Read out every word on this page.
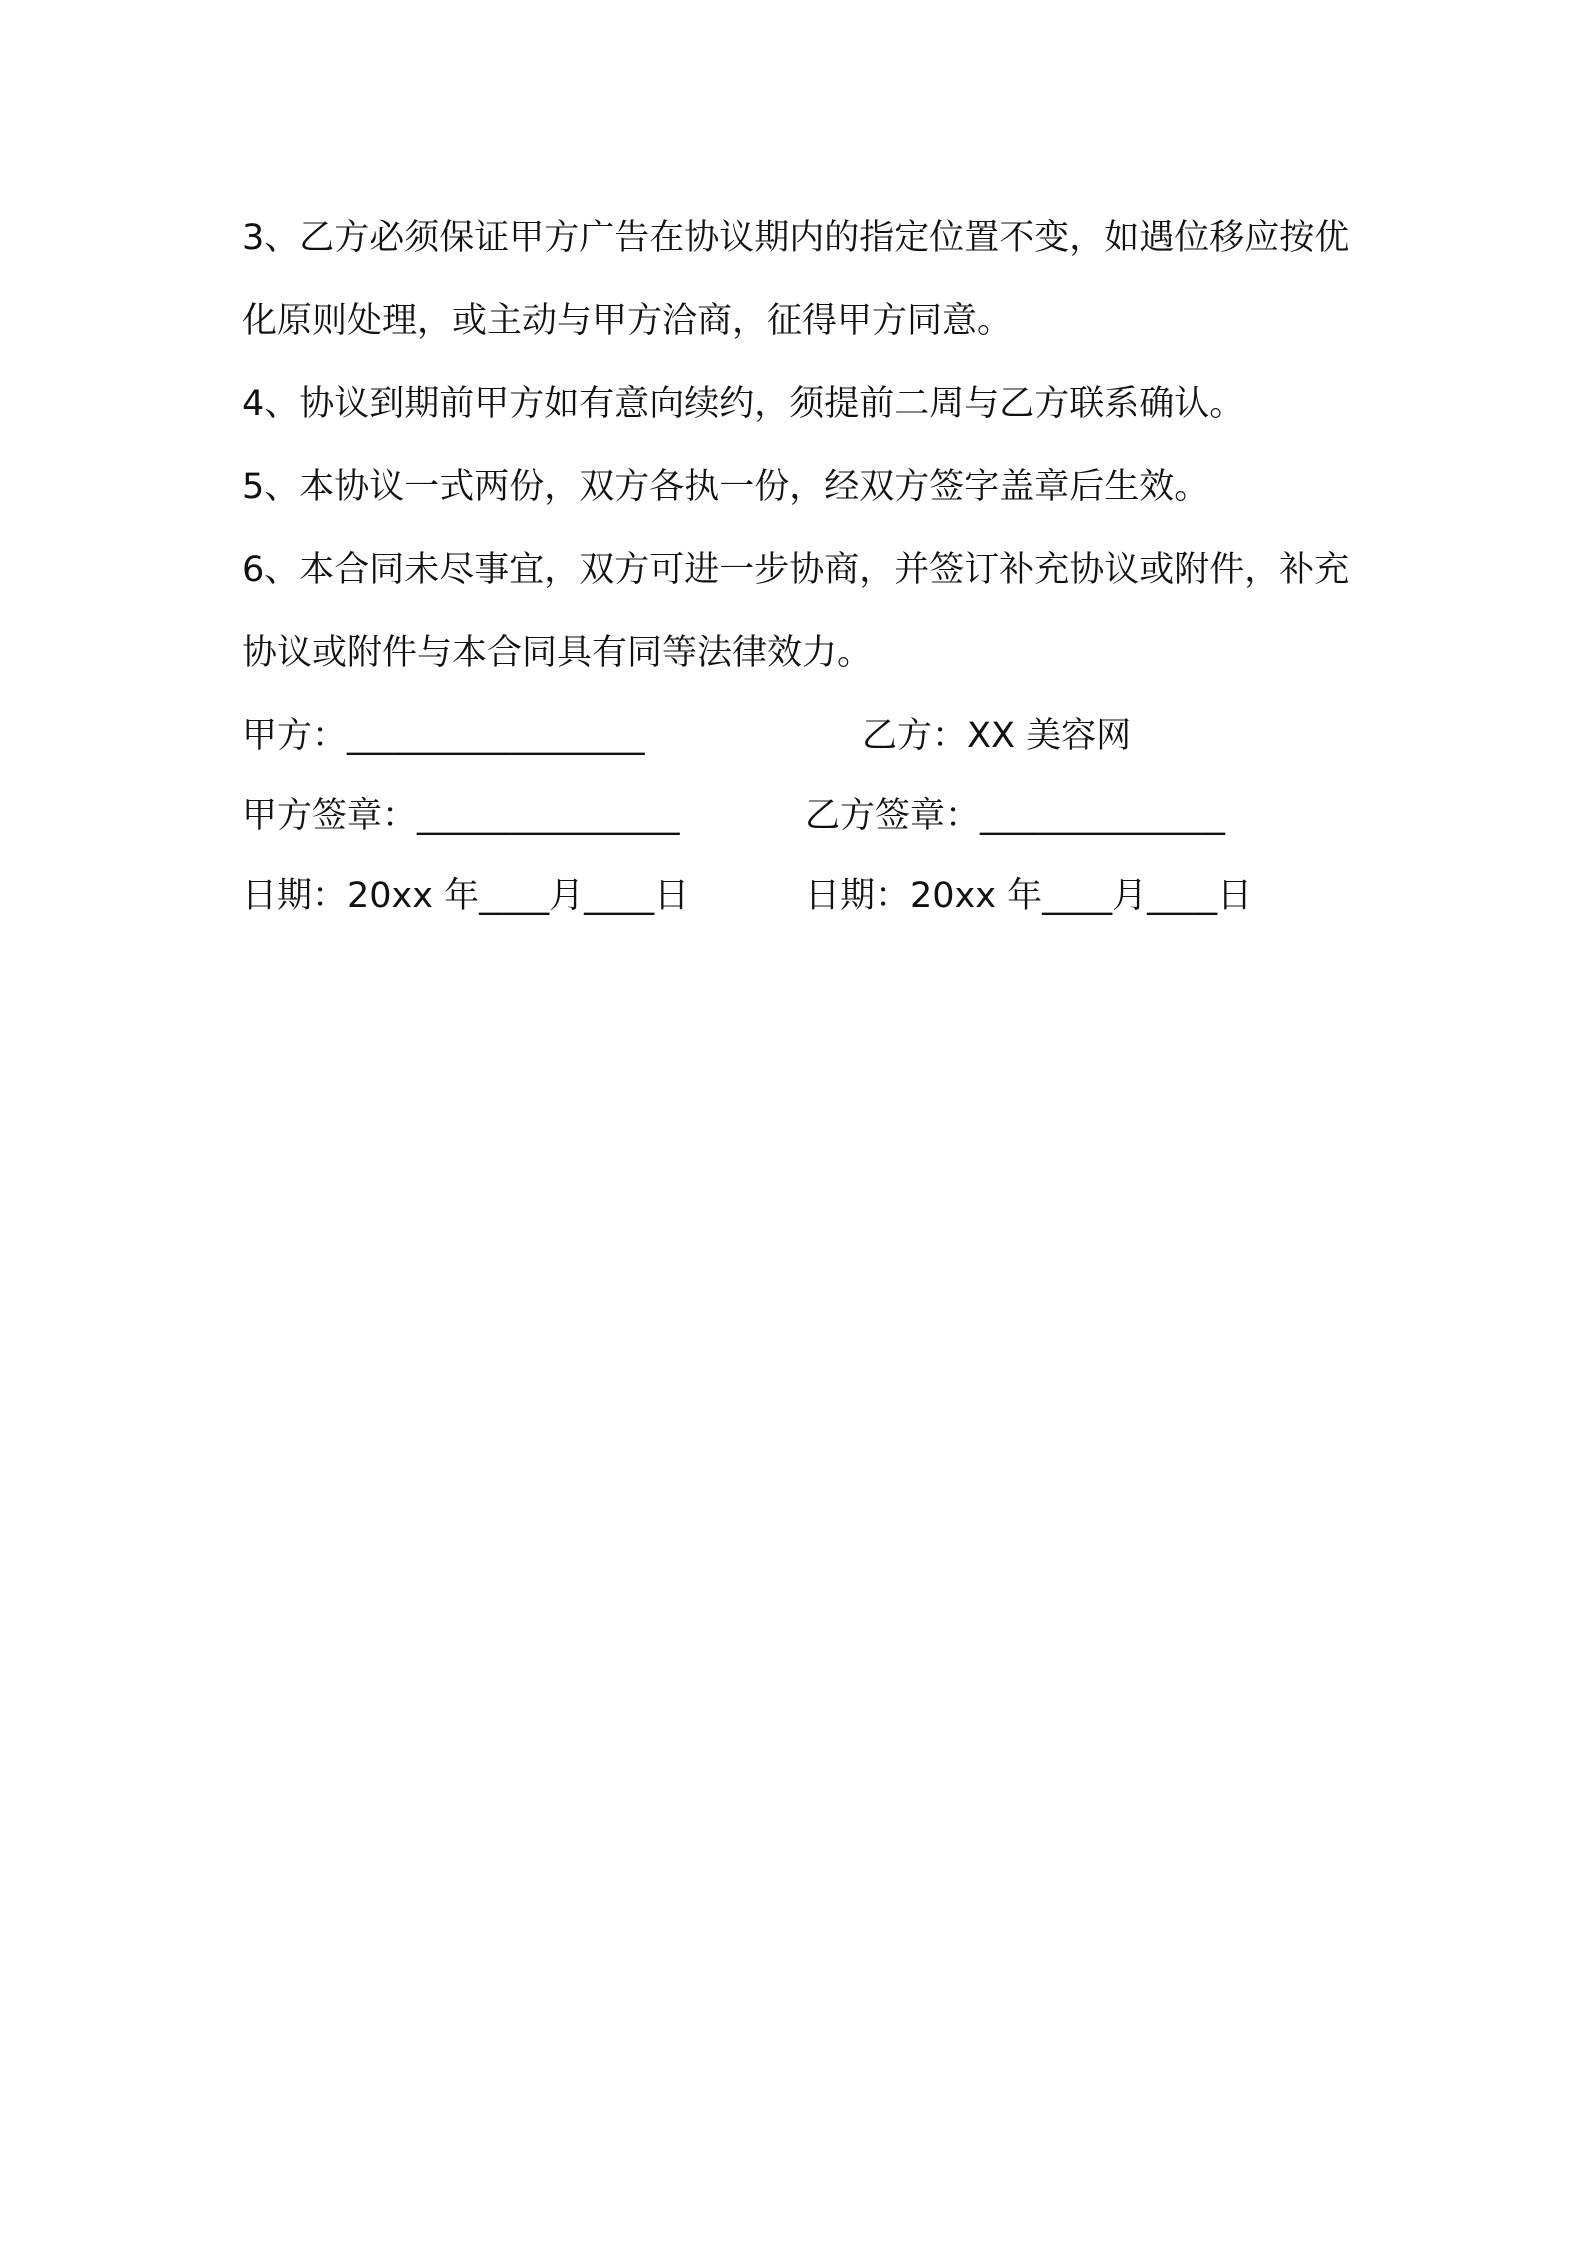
3、乙方必须保证甲方广告在协议期内的指定位置不变，如遇位移应按优化原则处理，或主动与甲方洽商，征得甲方同意。

4、协议到期前甲方如有意向续约，须提前二周与乙方联系确认。

5、本协议一式两份，双方各执一份，经双方签字盖章后生效。

6、本合同未尽事宜，双方可进一步协商，并签订补充协议或附件，补充协议或附件与本合同具有同等法律效力。

甲方：_________________	乙方：XX 美容网
甲方签章：_______________	乙方签章：______________
日期：20xx 年____月____日	日期：20xx 年____月____日
